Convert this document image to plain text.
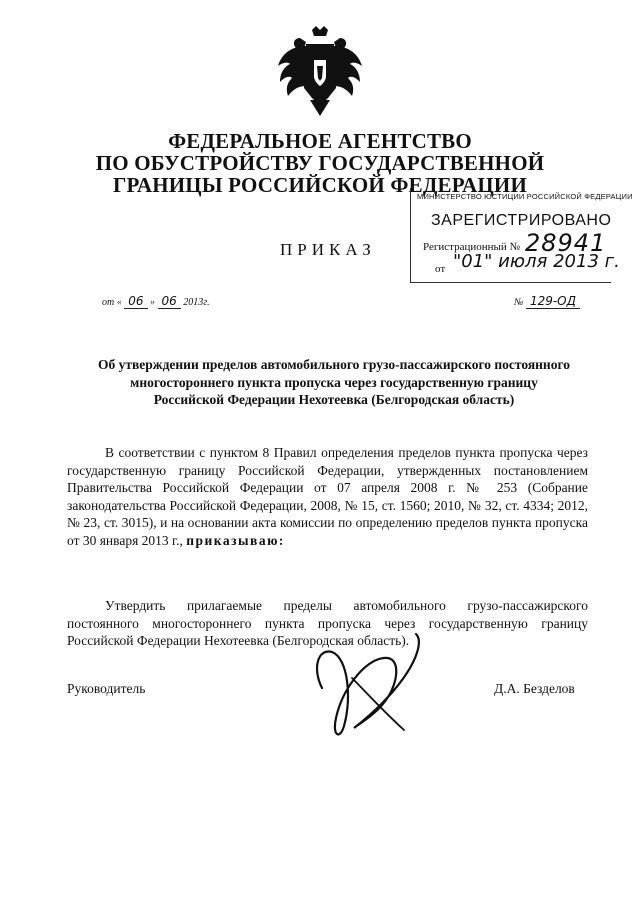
ФЕДЕРАЛЬНОЕ АГЕНТСТВО
ПО ОБУСТРОЙСТВУ ГОСУДАРСТВЕННОЙ
ГРАНИЦЫ РОССИЙСКОЙ ФЕДЕРАЦИИ
МИНИСТЕРСТВО ЮСТИЦИИ РОССИЙСКОЙ ФЕДЕРАЦИИ
ЗАРЕГИСТРИРОВАНО
Регистрационный № 28941
от "01" июля 2013 г.
ПРИКАЗ
от « 06 » 06 2013г.	№ 129-ОД
Об утверждении пределов автомобильного грузо-пассажирского постоянного многостороннего пункта пропуска через государственную границу Российской Федерации Нехотеевка (Белгородская область)
В соответствии с пунктом 8 Правил определения пределов пункта пропуска через государственную границу Российской Федерации, утвержденных постановлением Правительства Российской Федерации от 07 апреля 2008 г. № 253 (Собрание законодательства Российской Федерации, 2008, № 15, ст. 1560; 2010, № 32, ст. 4334; 2012, № 23, ст. 3015), и на основании акта комиссии по определению пределов пункта пропуска от 30 января 2013 г., приказываю:
Утвердить прилагаемые пределы автомобильного грузо-пассажирского постоянного многостороннего пункта пропуска через государственную границу Российской Федерации Нехотеевка (Белгородская область).
Руководитель	Д.А. Безделов
